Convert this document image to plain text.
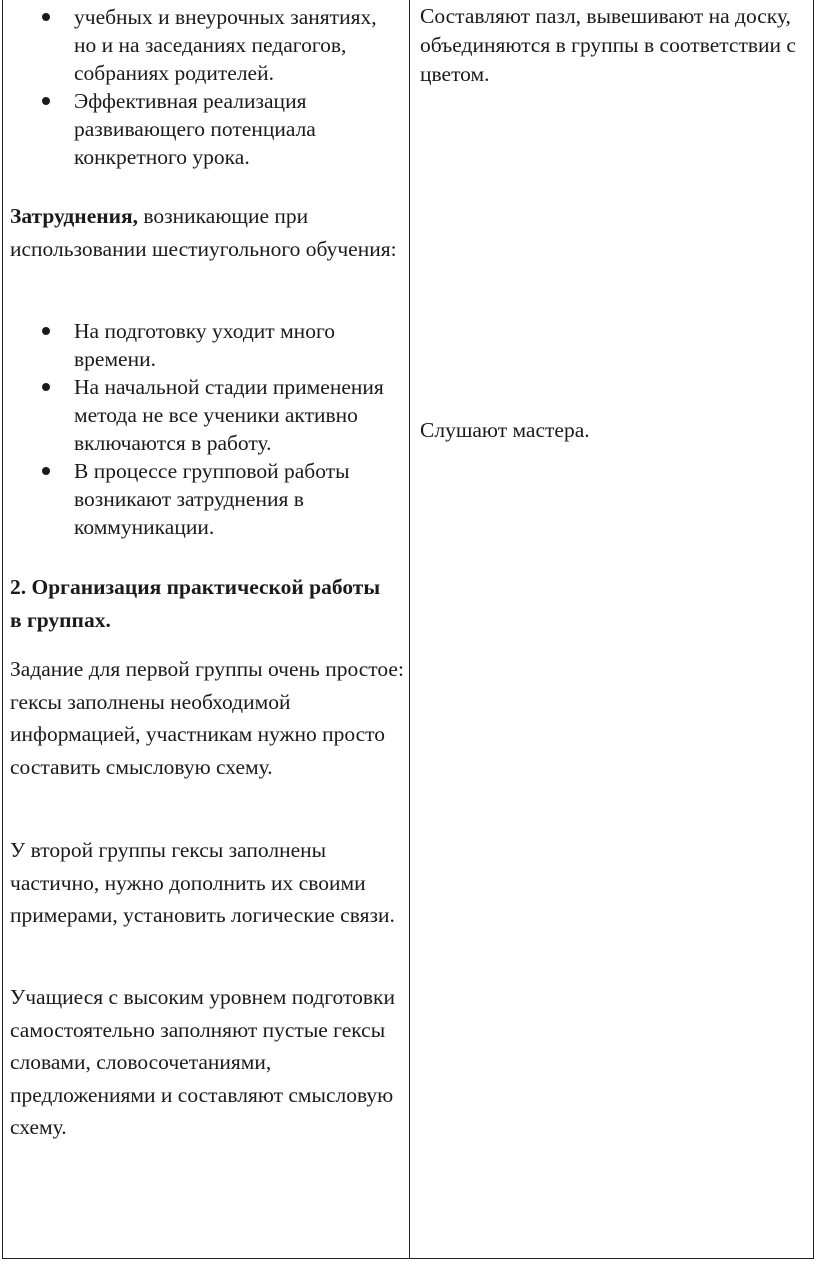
учебных и внеурочных занятиях, но и на заседаниях педагогов, собраниях родителей.
Эффективная реализация развивающего потенциала конкретного урока.

Затруднения, возникающие при использовании шестиугольного обучения:

На подготовку уходит много времени.
На начальной стадии применения метода не все ученики активно включаются в работу.
В процессе групповой работы возникают затруднения в коммуникации.

2. Организация практической работы в группах.

Задание для первой группы очень простое: гексы заполнены необходимой информацией, участникам нужно просто составить смысловую схему.

У второй группы гексы заполнены частично, нужно дополнить их своими примерами, установить логические связи.

Учащиеся с высоким уровнем подготовки самостоятельно заполняют пустые гексы словами, словосочетаниями, предложениями и составляют смысловую схему.

Составляют пазл, вывешивают на доску, объединяются в группы в соответствии с цветом.

Слушают мастера.
